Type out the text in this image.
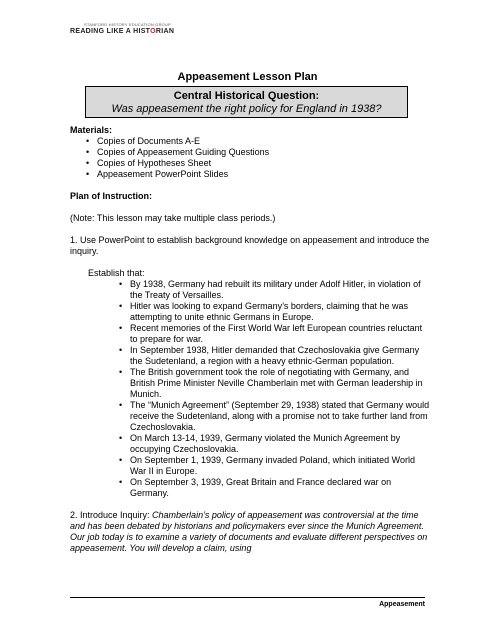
STANFORD HISTORY EDUCATION GROUP
READING LIKE A HISTORIAN
Appeasement Lesson Plan
Central Historical Question:
Was appeasement the right policy for England in 1938?
Materials:
• Copies of Documents A-E
• Copies of Appeasement Guiding Questions
• Copies of Hypotheses Sheet
• Appeasement PowerPoint Slides
Plan of Instruction:
(Note: This lesson may take multiple class periods.)
1. Use PowerPoint to establish background knowledge on appeasement and introduce the inquiry.
Establish that:
• By 1938, Germany had rebuilt its military under Adolf Hitler, in violation of the Treaty of Versailles.
• Hitler was looking to expand Germany’s borders, claiming that he was attempting to unite ethnic Germans in Europe.
• Recent memories of the First World War left European countries reluctant to prepare for war.
• In September 1938, Hitler demanded that Czechoslovakia give Germany the Sudetenland, a region with a heavy ethnic-German population.
• The British government took the role of negotiating with Germany, and British Prime Minister Neville Chamberlain met with German leadership in Munich.
• The “Munich Agreement” (September 29, 1938) stated that Germany would receive the Sudetenland, along with a promise not to take further land from Czechoslovakia.
• On March 13-14, 1939, Germany violated the Munich Agreement by occupying Czechoslovakia.
• On September 1, 1939, Germany invaded Poland, which initiated World War II in Europe.
• On September 3, 1939, Great Britain and France declared war on Germany.
2. Introduce Inquiry: Chamberlain’s policy of appeasement was controversial at the time and has been debated by historians and policymakers ever since the Munich Agreement. Our job today is to examine a variety of documents and evaluate different perspectives on appeasement. You will develop a claim, using
Appeasement
